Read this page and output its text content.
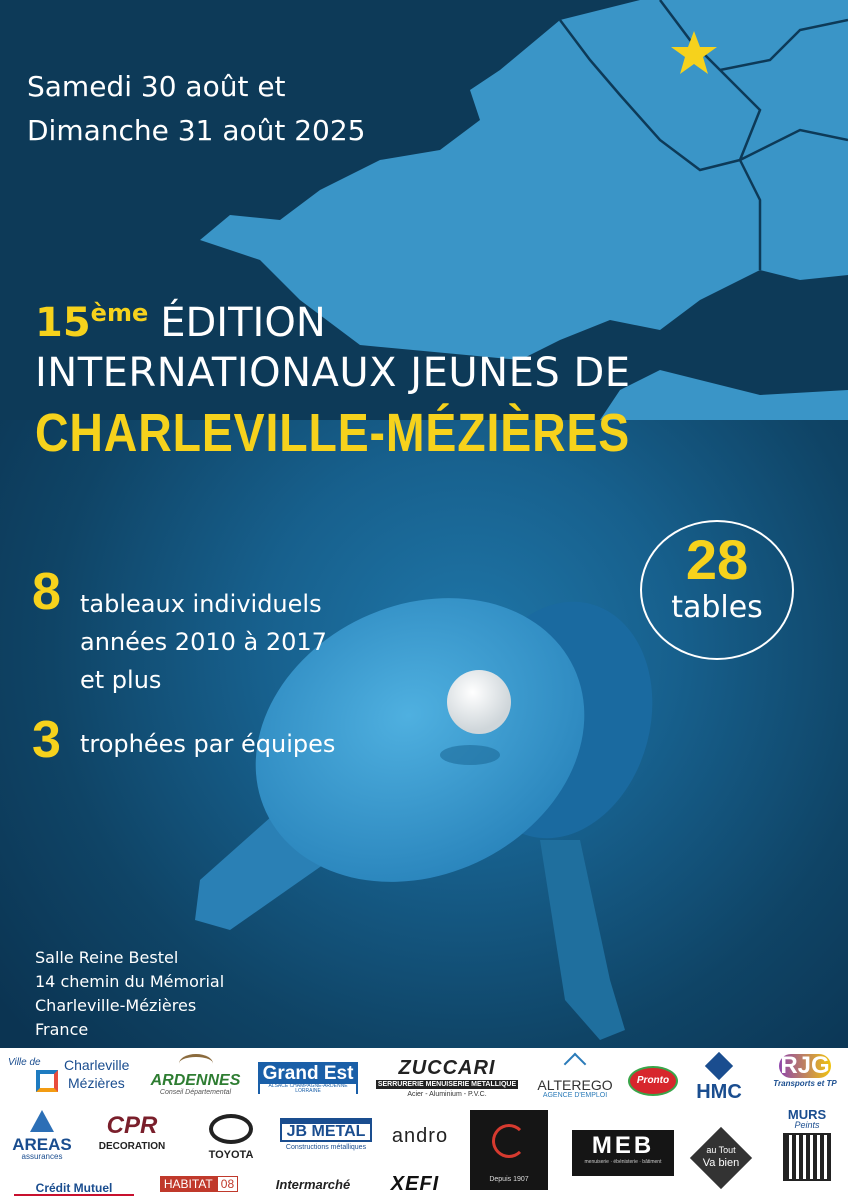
Samedi 30 août et
Dimanche 31 août 2025
15ème ÉDITION
INTERNATIONAUX JEUNES DE
CHARLEVILLE-MÉZIÈRES
28
tables
8 tableaux individuels
années 2010 à 2017
et plus
3 trophées par équipes
Salle Reine Bestel
14 chemin du Mémorial
Charleville-Mézières
France
Ville de Charleville
Mézières ARDENNES
Conseil Départemental
Grand Est
ALSACE CHAMPAGNE-ARDENNE LORRAINE
ZUCCARI
SERRURERIE MENUISERIE METALLIQUE
Acier - Aluminium - P.V.C.
ALTEREGO
AGENCE D'EMPLOI
Pronto
HMC
RJG
Transports et TP
AREAS
assurances
CPR
DECORATION
TOYOTA
JB METAL
Constructions métalliques
andro
Depuis 1907
MEB
menuiserie · ébénisterie · bâtiment
au Tout
Va bien
MURS
Peints
Crédit Mutuel	HABITAT 08	Intermarché	XEFI
